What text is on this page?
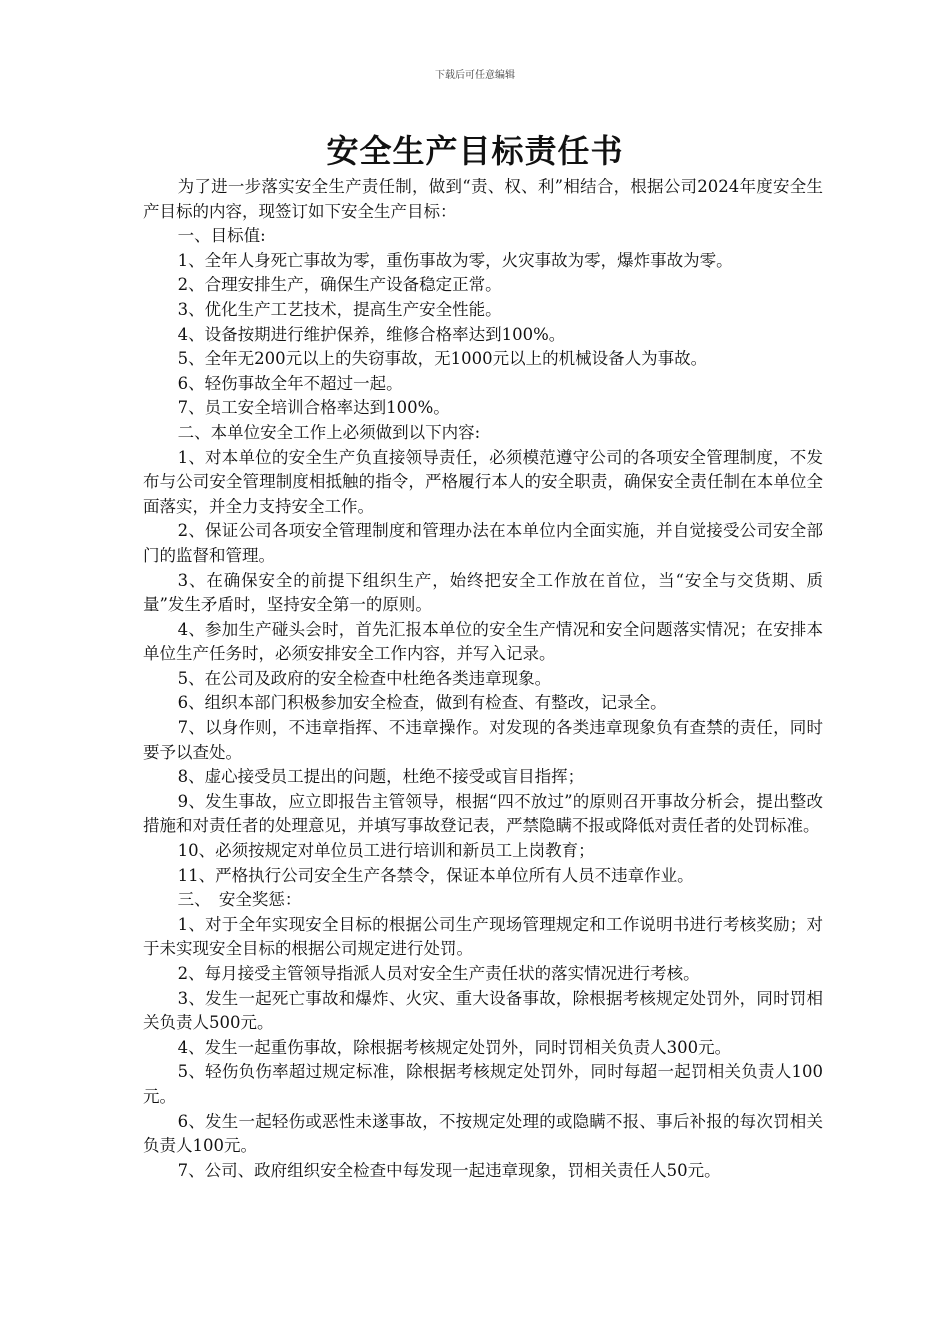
下载后可任意编辑
安全生产目标责任书

为了进一步落实安全生产责任制，做到“责、权、利”相结合，根据公司2024年度安全生产目标的内容，现签订如下安全生产目标：

一、目标值:

1、全年人身死亡事故为零，重伤事故为零，火灾事故为零，爆炸事故为零。

2、合理安排生产，确保生产设备稳定正常。

3、优化生产工艺技术，提高生产安全性能。

4、设备按期进行维护保养，维修合格率达到100%。

5、全年无200元以上的失窃事故，无1000元以上的机械设备人为事故。

6、轻伤事故全年不超过一起。

7、员工安全培训合格率达到100%。

二、本单位安全工作上必须做到以下内容:

1、对本单位的安全生产负直接领导责任，必须模范遵守公司的各项安全管理制度，不发布与公司安全管理制度相抵触的指令，严格履行本人的安全职责，确保安全责任制在本单位全面落实，并全力支持安全工作。

2、保证公司各项安全管理制度和管理办法在本单位内全面实施，并自觉接受公司安全部门的监督和管理。

3、在确保安全的前提下组织生产，始终把安全工作放在首位，当“安全与交货期、质量”发生矛盾时，坚持安全第一的原则。

4、参加生产碰头会时，首先汇报本单位的安全生产情况和安全问题落实情况；在安排本单位生产任务时，必须安排安全工作内容，并写入记录。

5、在公司及政府的安全检查中杜绝各类违章现象。

6、组织本部门积极参加安全检查，做到有检查、有整改，记录全。

7、以身作则，不违章指挥、不违章操作。对发现的各类违章现象负有查禁的责任，同时要予以查处。

8、虚心接受员工提出的问题，杜绝不接受或盲目指挥；

9、发生事故，应立即报告主管领导，根据“四不放过”的原则召开事故分析会，提出整改措施和对责任者的处理意见，并填写事故登记表，严禁隐瞒不报或降低对责任者的处罚标准。

10、必须按规定对单位员工进行培训和新员工上岗教育；

11、严格执行公司安全生产各禁令，保证本单位所有人员不违章作业。

三、　安全奖惩：

1、对于全年实现安全目标的根据公司生产现场管理规定和工作说明书进行考核奖励；对于未实现安全目标的根据公司规定进行处罚。

2、每月接受主管领导指派人员对安全生产责任状的落实情况进行考核。

3、发生一起死亡事故和爆炸、火灾、重大设备事故，除根据考核规定处罚外，同时罚相关负责人500元。

4、发生一起重伤事故，除根据考核规定处罚外，同时罚相关负责人300元。

5、轻伤负伤率超过规定标准，除根据考核规定处罚外，同时每超一起罚相关负责人100元。

6、发生一起轻伤或恶性未遂事故，不按规定处理的或隐瞒不报、事后补报的每次罚相关负责人100元。

7、公司、政府组织安全检查中每发现一起违章现象，罚相关责任人50元。
